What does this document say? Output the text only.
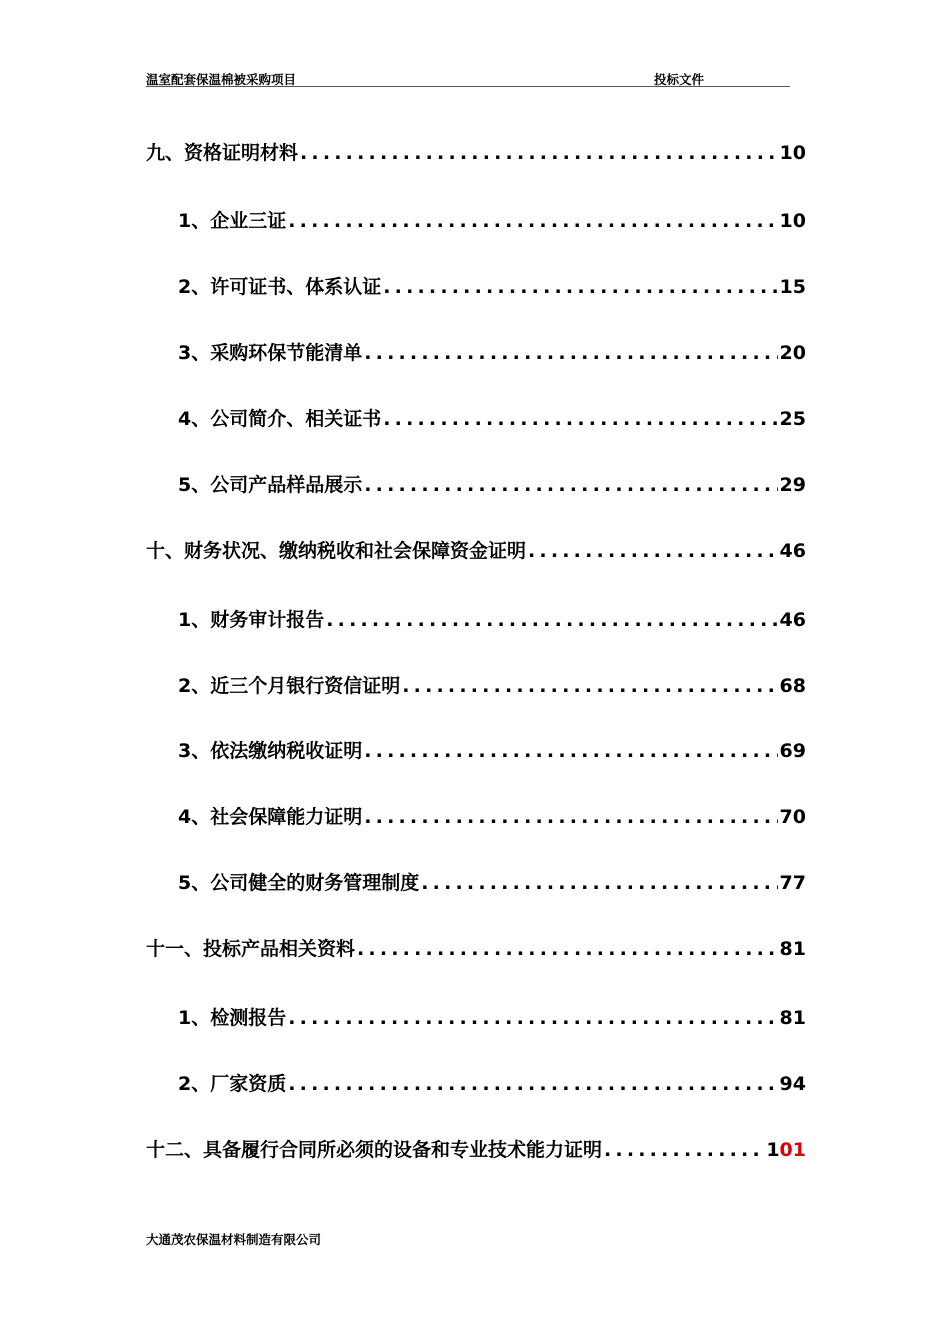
温室配套保温棉被采购项目	投标文件
九、资格证明材料 .....	10
1、企业三证 .....	10
2、许可证书、体系认证 .....	15
3、采购环保节能清单 .....	20
4、公司简介、相关证书 .....	25
5、公司产品样品展示 .....	29
十、财务状况、缴纳税收和社会保障资金证明 .....	46
1、财务审计报告 .....	46
2、近三个月银行资信证明 .....	68
3、依法缴纳税收证明 .....	69
4、社会保障能力证明 .....	70
5、公司健全的财务管理制度 .....	77
十一、投标产品相关资料 .....	81
1、检测报告 .....	81
2、厂家资质 .....	94
十二、具备履行合同所必须的设备和专业技术能力证明 .....	101
大通茂农保温材料制造有限公司
